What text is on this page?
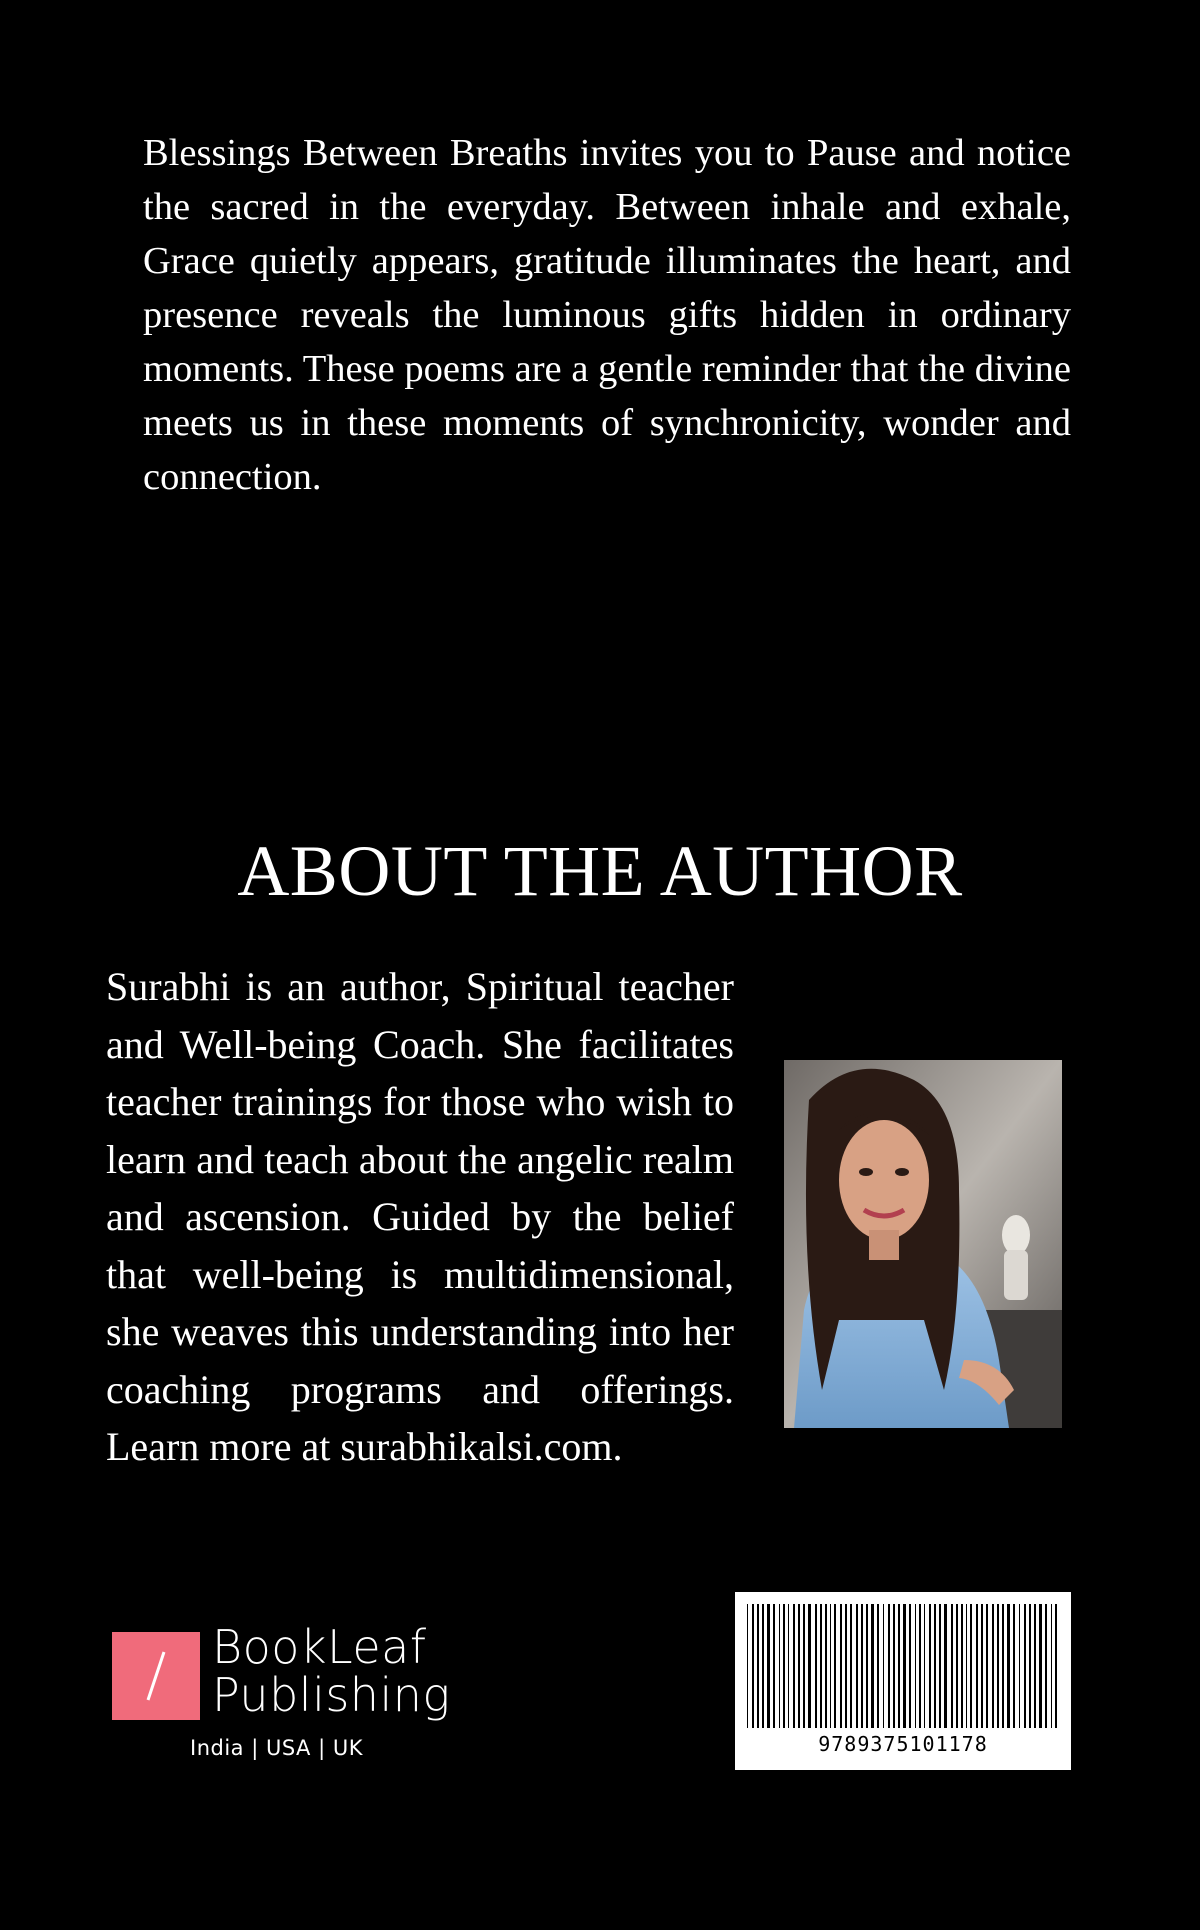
Blessings Between Breaths invites you to Pause and notice the sacred in the everyday. Between inhale and exhale, Grace quietly appears, gratitude illuminates the heart, and presence reveals the luminous gifts hidden in ordinary moments. These poems are a gentle reminder that the divine meets us in these moments of synchronicity, wonder and connection.

ABOUT THE AUTHOR

Surabhi is an author, Spiritual teacher and Well-being Coach. She facilitates teacher trainings for those who wish to learn and teach about the angelic realm and ascension. Guided by the belief that well-being is multidimensional, she weaves this understanding into her coaching programs and offerings. Learn more at surabhikalsi.com.

BookLeaf
Publishing
India | USA | UK	9789375101178
